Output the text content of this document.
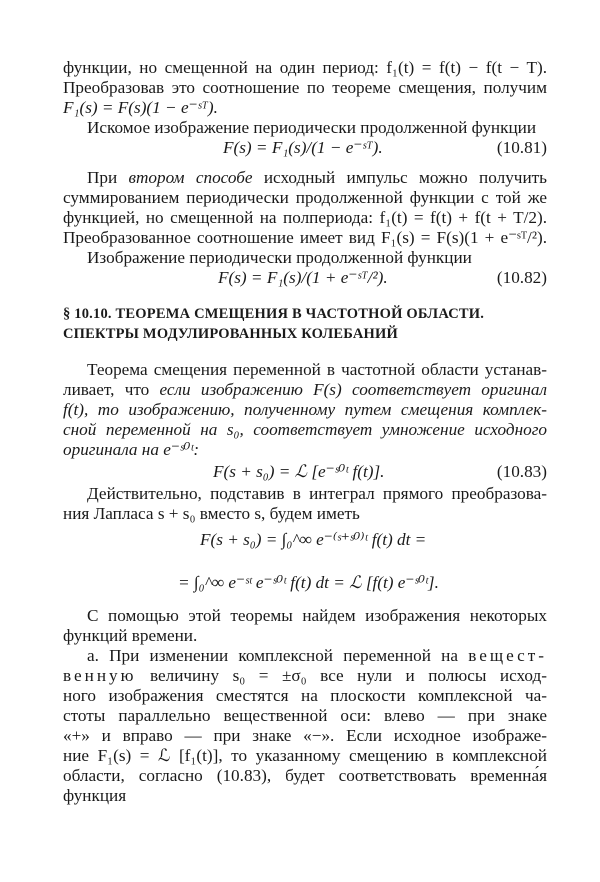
функции, но смещенной на один период: f₁(t) = f(t) − f(t − T).
Преобразовав это соотношение по теореме смещения, получим
F₁(s) = F(s)(1 − e⁻ˢᵀ).
Искомое изображение периодически продолженной функции
F(s) = F₁(s)/(1 − e⁻ˢᵀ).	(10.81)
При втором способе исходный импульс можно получить
суммированием периодически продолженной функции с той же
функцией, но смещенной на полпериода: f₁(t) = f(t) + f(t + T/2).
Преобразованное соотношение имеет вид F₁(s) = F(s)(1 + e⁻ˢᵀ/²).
Изображение периодически продолженной функции
F(s) = F₁(s)/(1 + e⁻ˢᵀ/²).	(10.82)
§ 10.10. ТЕОРЕМА СМЕЩЕНИЯ В ЧАСТОТНОЙ ОБЛАСТИ.
СПЕКТРЫ МОДУЛИРОВАННЫХ КОЛЕБАНИЙ
Теорема смещения переменной в частотной области устанав-
ливает, что если изображению F(s) соответствует оригинал
f(t), то изображению, полученному путем смещения комплек-
сной переменной на s₀, соответствует умножение исходного
оригинала на e⁻ˢ⁰ᵗ:
F(s + s₀) = ℒ [e⁻ˢ⁰ᵗ f(t)].	(10.83)
Действительно, подставив в интеграл прямого преобразова-
ния Лапласа s + s₀ вместо s, будем иметь
F(s + s₀) = ∫₀^∞ e⁻⁽ˢ⁺ˢ⁰⁾ᵗ f(t) dt =
= ∫₀^∞ e⁻ˢᵗ e⁻ˢ⁰ᵗ f(t) dt = ℒ [f(t) e⁻ˢ⁰ᵗ].
С помощью этой теоремы найдем изображения некоторых
функций времени.
а. При изменении комплексной переменной на вещест-
венную величину s₀ = ±σ₀ все нули и полюсы исход-
ного изображения сместятся на плоскости комплексной ча-
стоты параллельно вещественной оси: влево — при знаке
«+» и вправо — при знаке «−». Если исходное изображе-
ние F₁(s) = ℒ [f₁(t)], то указанному смещению в комплексной
области, согласно (10.83), будет соответствовать временна́я
функция
